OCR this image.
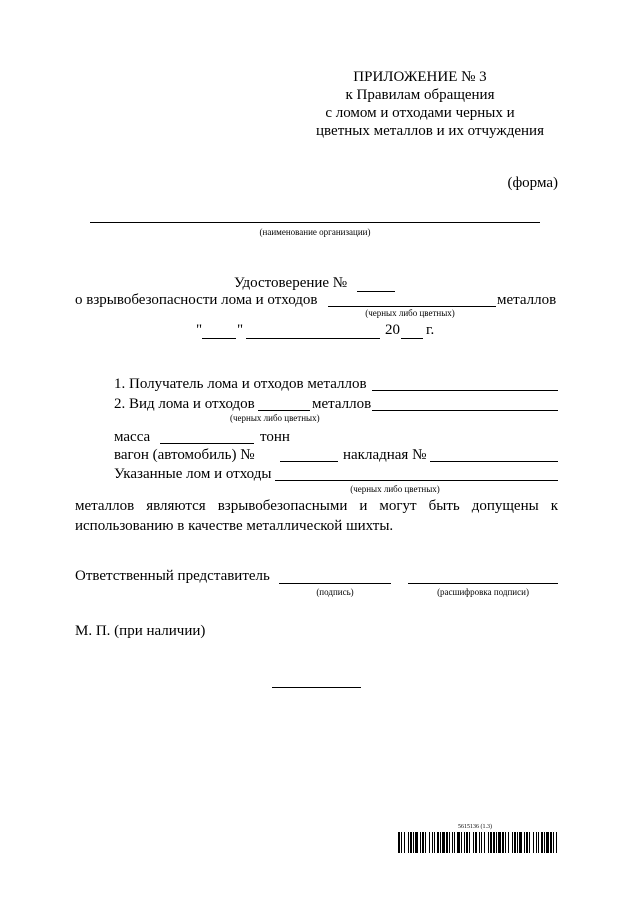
ПРИЛОЖЕНИЕ № 3
к Правилам обращения
с ломом и отходами черных и
цветных металлов и их отчуждения
(форма)
(наименование организации)
Удостоверение №
о взрывобезопасности лома и отходов	металлов
(черных либо цветных)
" "	20 г.
1. Получатель лома и отходов металлов
2. Вид лома и отходов	металлов
(черных либо цветных)
масса	тонн
вагон (автомобиль) №	накладная №
Указанные лом и отходы
(черных либо цветных)
металлов являются взрывобезопасными и могут быть допущены к
использованию в качестве металлической шихты.
Ответственный представитель
(подпись)	(расшифровка подписи)
М. П. (при наличии)
5615136 (1.3)
